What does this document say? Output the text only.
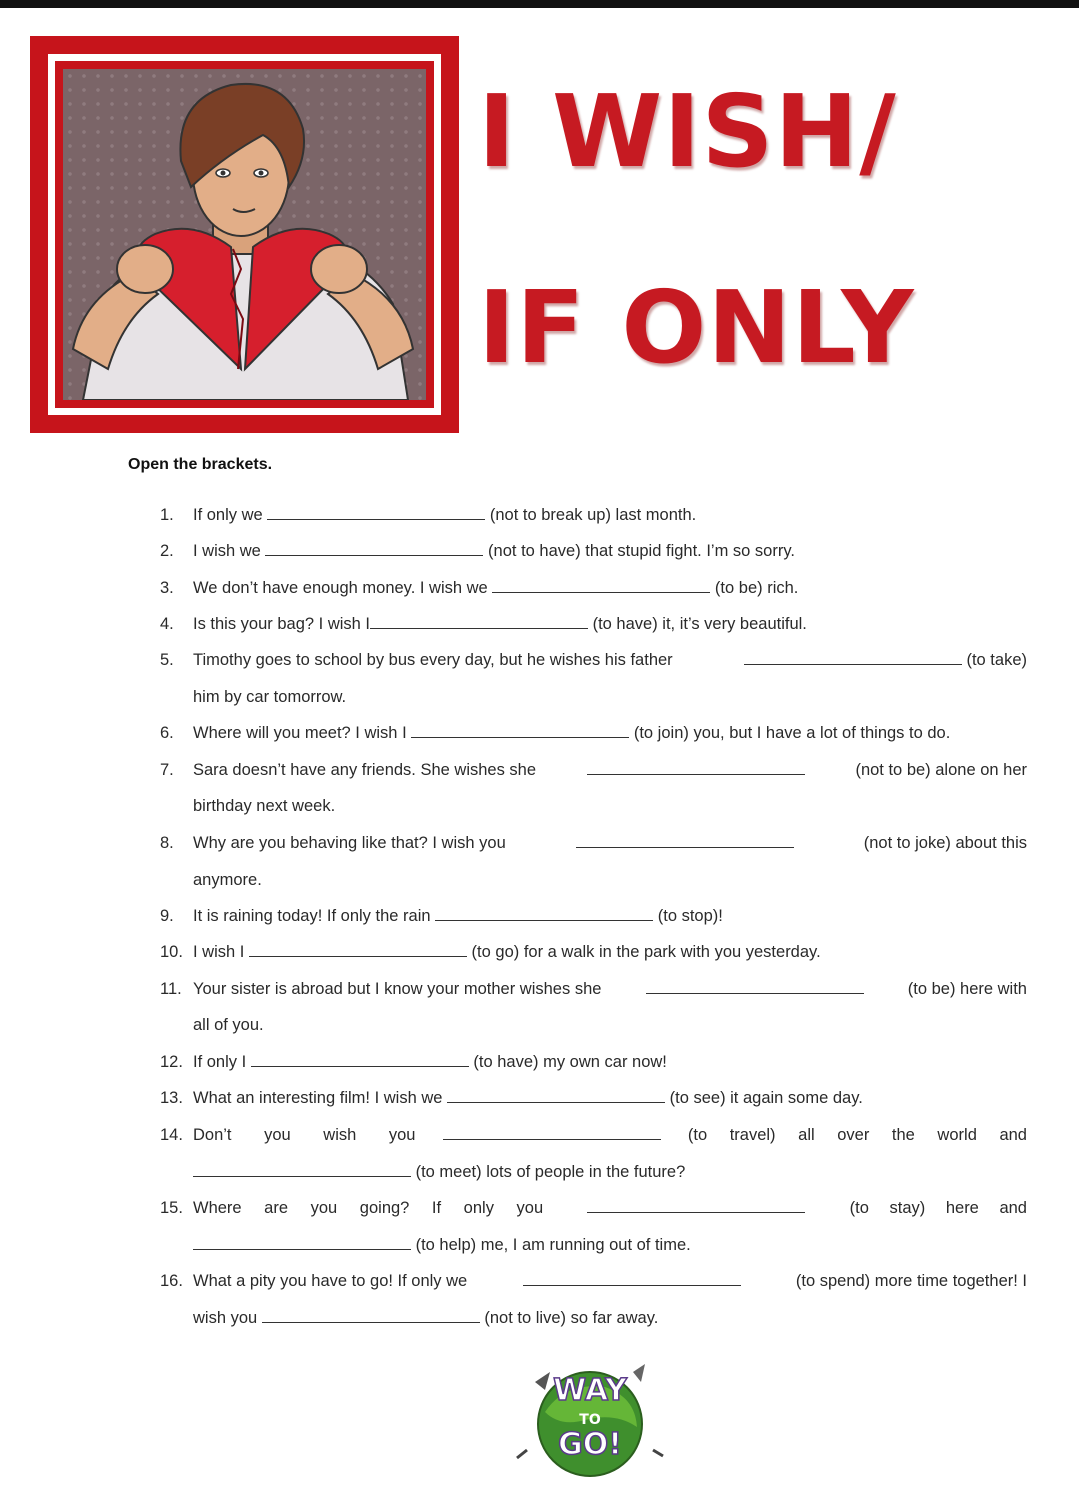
I WISH/
IF ONLY
Open the brackets.
1. If only we	(not to break up) last month.
2. I wish we	(not to have) that stupid fight. I’m so sorry.
3. We don’t have enough money. I wish we	(to be) rich.
4. Is this your bag? I wish I	(to have) it, it’s very beautiful.
5. Timothy goes to school by bus every day, but he wishes his father	(to take)
him by car tomorrow.
6. Where will you meet? I wish I	(to join) you, but I have a lot of things to do.
7. Sara doesn’t have any friends. She wishes she	(not to be) alone on her
birthday next week.
8. Why are you behaving like that? I wish you	(not to joke) about this
anymore.
9. It is raining today! If only the rain	(to stop)!
10. I wish I	(to go) for a walk in the park with you yesterday.
11. Your sister is abroad but I know your mother wishes she	(to be) here with
all of you.
12. If only I	(to have) my own car now!
13. What an interesting film! I wish we	(to see) it again some day.
14. Don’t you wish you	(to travel) all over the world and
(to meet) lots of people in the future?
15. Where are you going? If only you	(to stay) here and
(to help) me, I am running out of time.
16. What a pity you have to go! If only we	(to spend) more time together! I
wish you	(not to live) so far away.
WAY
TO
GO!
